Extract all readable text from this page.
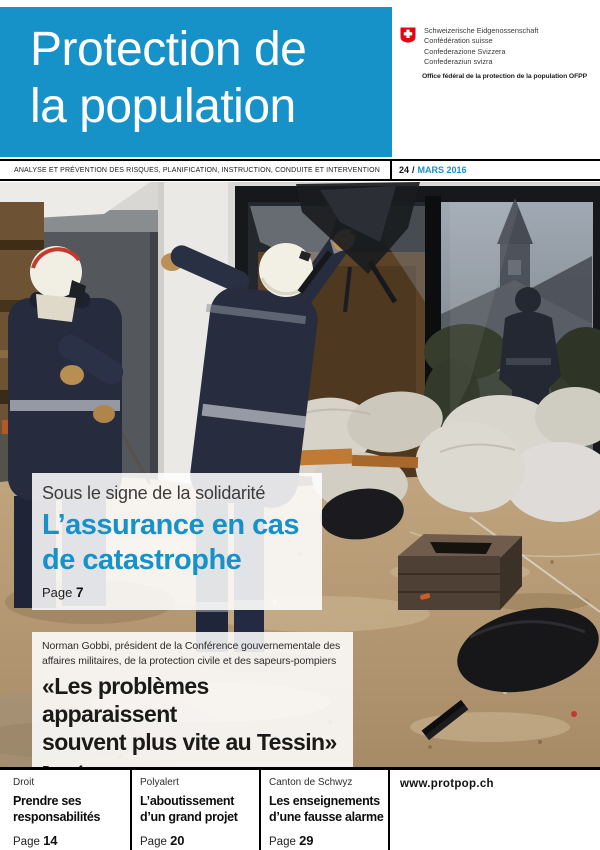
Protection de
la population
Schweizerische Eidgenossenschaft
Confédération suisse
Confederazione Svizzera
Confederaziun svizra
Office fédéral de la protection de la population OFPP
ANALYSE ET PRÉVENTION DES RISQUES, PLANIFICATION, INSTRUCTION, CONDUITE ET INTERVENTION	24 / MARS 2016
Sous le signe de la solidarité
L’assurance en cas
de catastrophe
Page 7
Norman Gobbi, président de la Conférence gouvernementale des
affaires militaires, de la protection civile et des sapeurs-pompiers
«Les problèmes apparaissent
souvent plus vite au Tessin»
Droit
Prendre ses
responsabilités
Page 14
Polyalert
L’aboutissement
d’un grand projet
Page 20
Canton de Schwyz
Les enseignements
d’une fausse alarme
Page 29
www.protpop.ch
